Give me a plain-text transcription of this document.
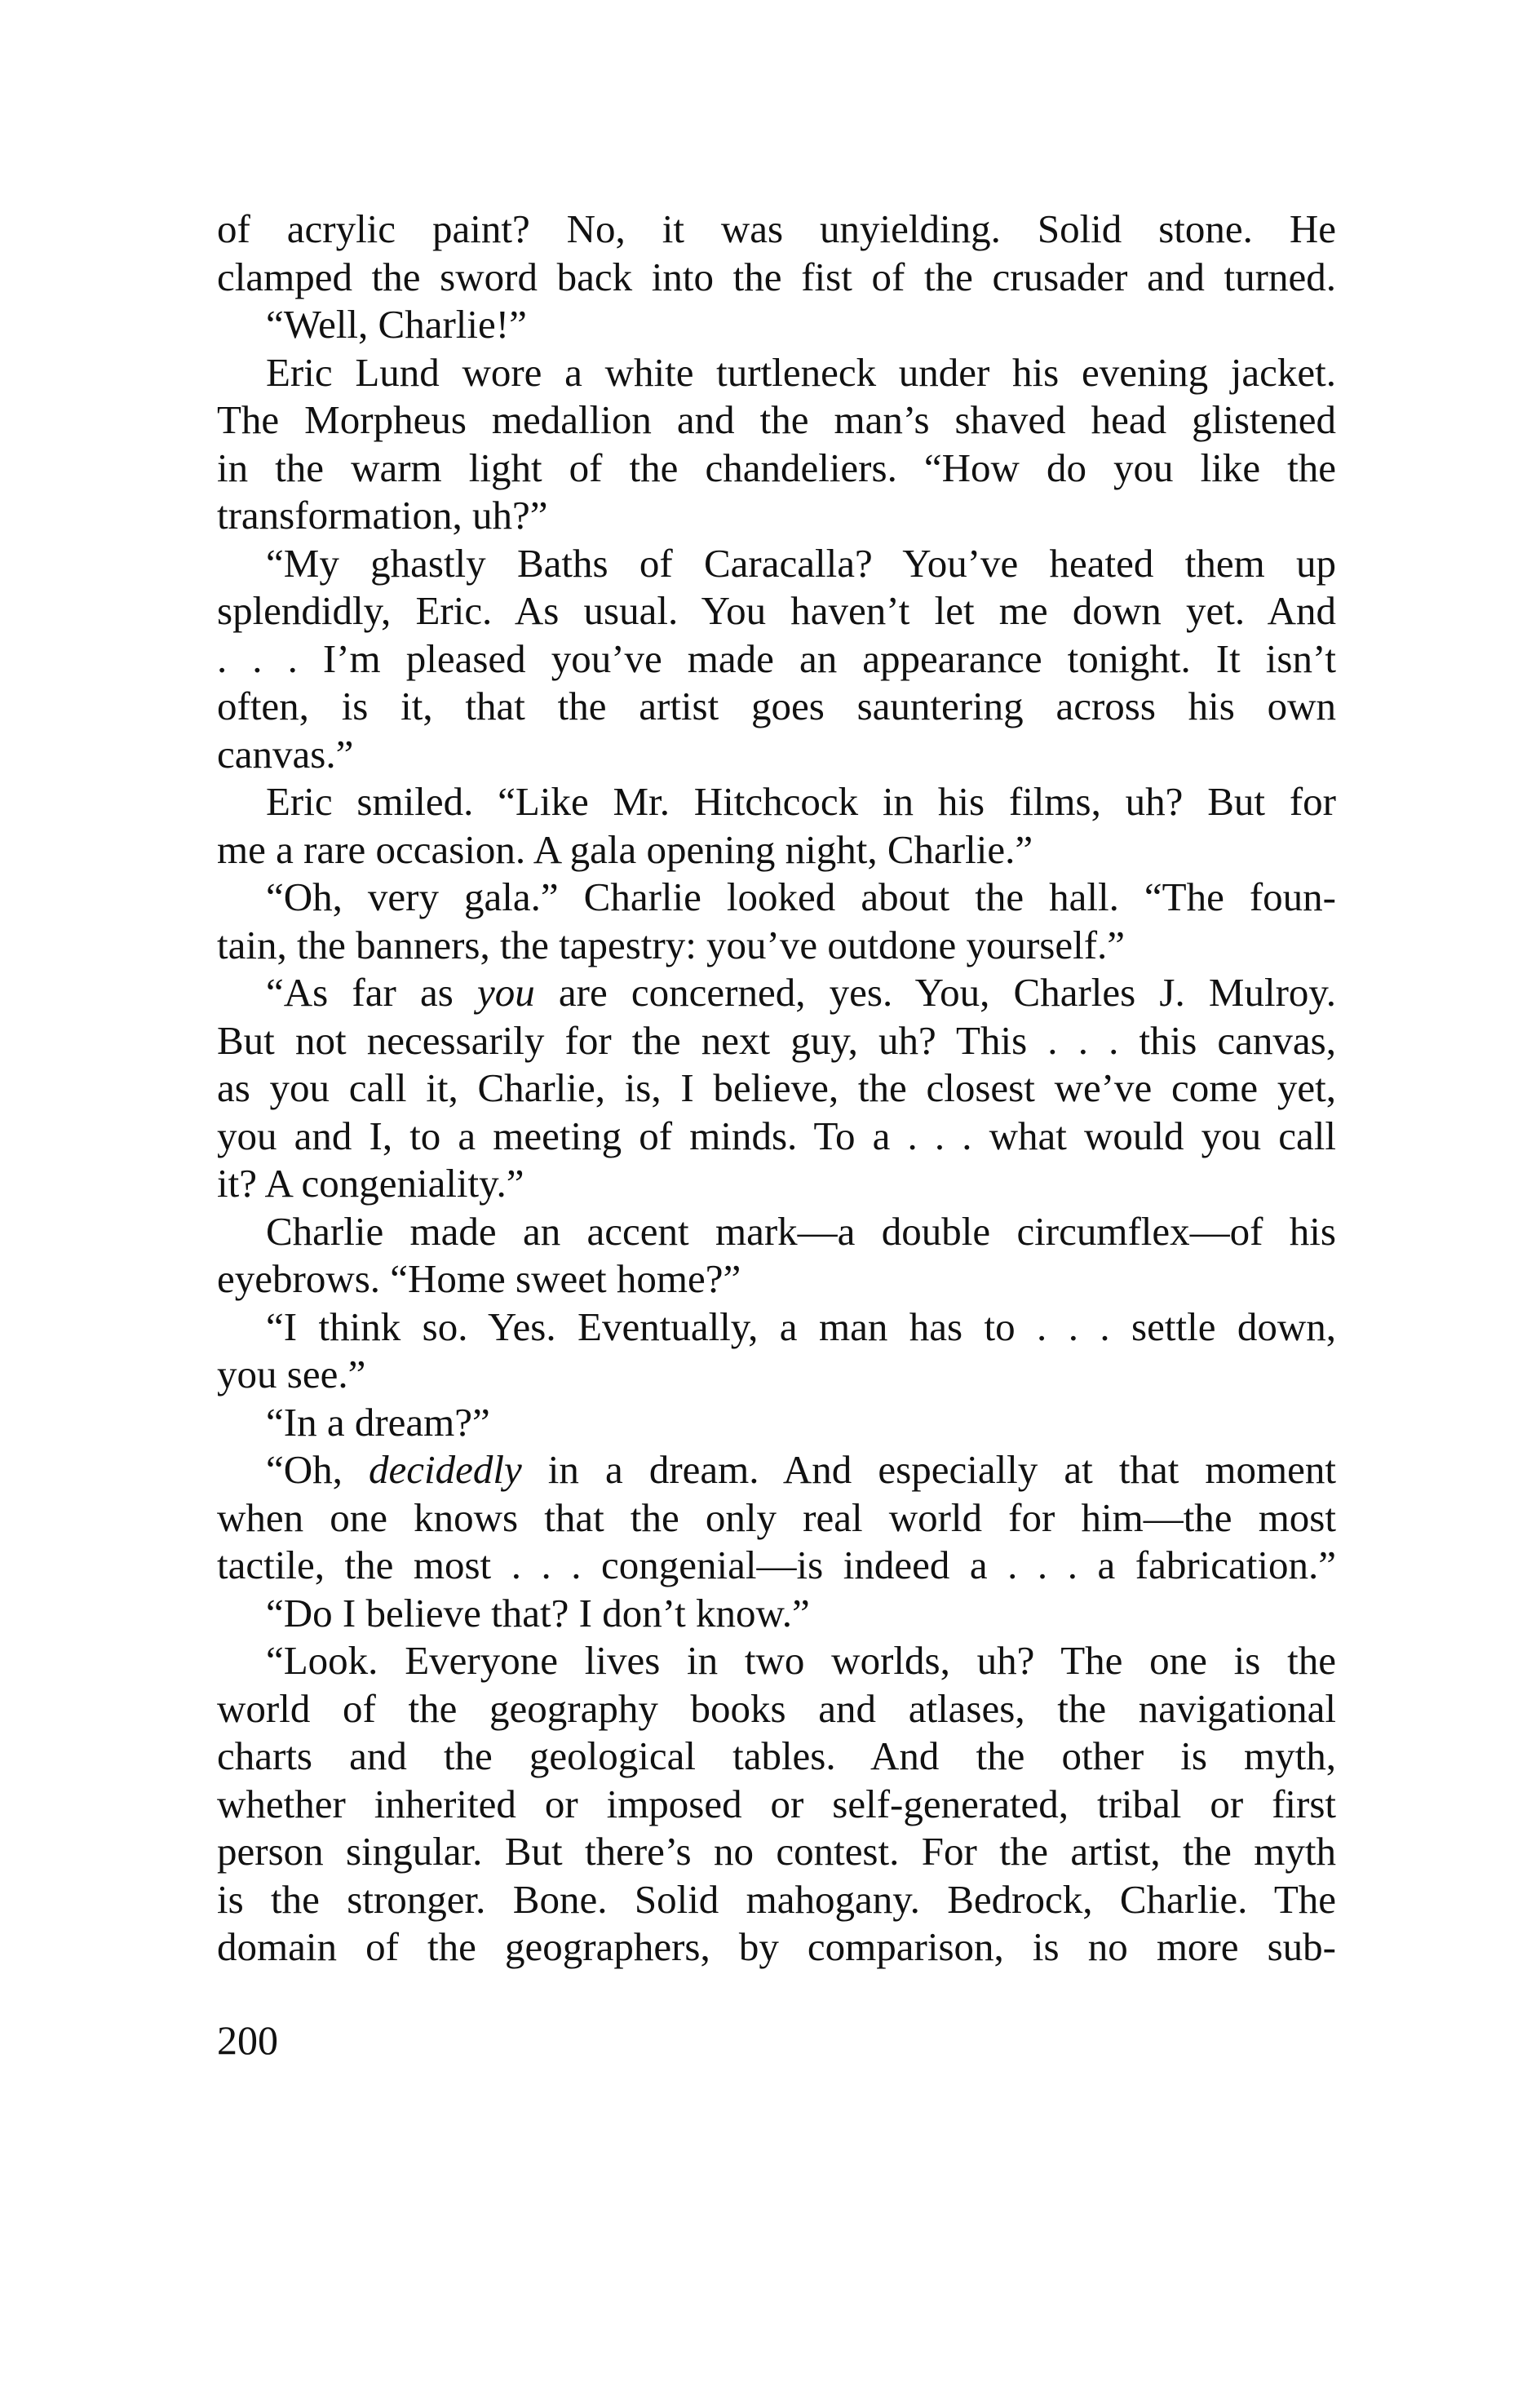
of acrylic paint? No, it was unyielding. Solid stone. He
clamped the sword back into the fist of the crusader and turned.
“Well, Charlie!”
Eric Lund wore a white turtleneck under his evening jacket.
The Morpheus medallion and the man’s shaved head glistened
in the warm light of the chandeliers. “How do you like the
transformation, uh?”
“My ghastly Baths of Caracalla? You’ve heated them up
splendidly, Eric. As usual. You haven’t let me down yet. And
. . . I’m pleased you’ve made an appearance tonight. It isn’t
often, is it, that the artist goes sauntering across his own
canvas.”
Eric smiled. “Like Mr. Hitchcock in his films, uh? But for
me a rare occasion. A gala opening night, Charlie.”
“Oh, very gala.” Charlie looked about the hall. “The foun-
tain, the banners, the tapestry: you’ve outdone yourself.”
“As far as you are concerned, yes. You, Charles J. Mulroy.
But not necessarily for the next guy, uh? This . . . this canvas,
as you call it, Charlie, is, I believe, the closest we’ve come yet,
you and I, to a meeting of minds. To a . . . what would you call
it? A congeniality.”
Charlie made an accent mark—a double circumflex—of his
eyebrows. “Home sweet home?”
“I think so. Yes. Eventually, a man has to . . . settle down,
you see.”
“In a dream?”
“Oh, decidedly in a dream. And especially at that moment
when one knows that the only real world for him—the most
tactile, the most . . . congenial—is indeed a . . . a fabrication.”
“Do I believe that? I don’t know.”
“Look. Everyone lives in two worlds, uh? The one is the
world of the geography books and atlases, the navigational
charts and the geological tables. And the other is myth,
whether inherited or imposed or self-generated, tribal or first
person singular. But there’s no contest. For the artist, the myth
is the stronger. Bone. Solid mahogany. Bedrock, Charlie. The
domain of the geographers, by comparison, is no more sub-
200
